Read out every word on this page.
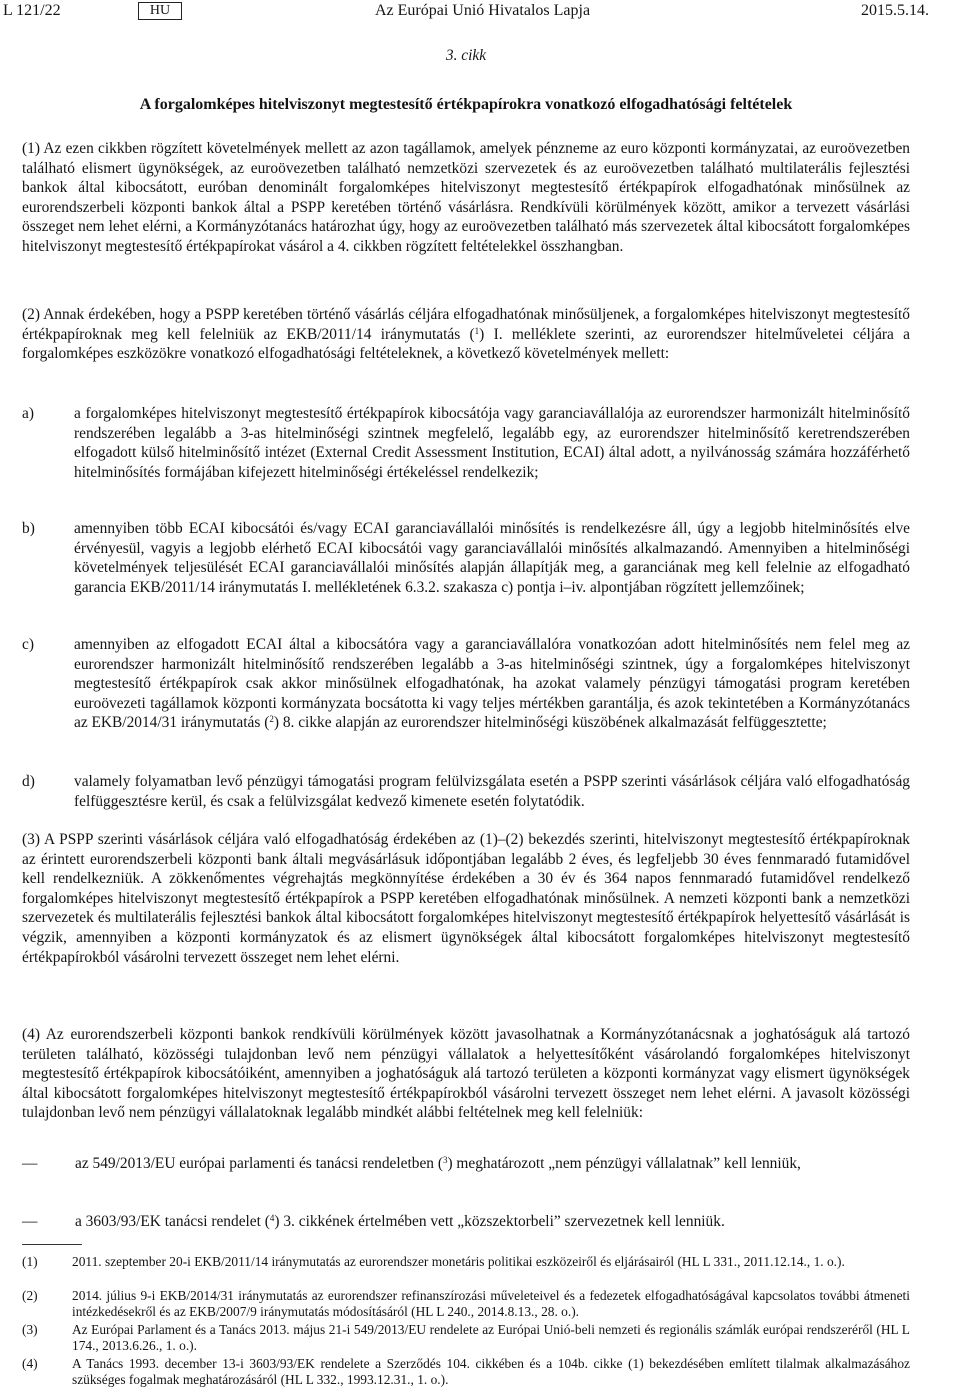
L 121/22	HU	Az Európai Unió Hivatalos Lapja	2015.5.14.
3. cikk
A forgalomképes hitelviszonyt megtestesítő értékpapírokra vonatkozó elfogadhatósági feltételek
(1) Az ezen cikkben rögzített követelmények mellett az azon tagállamok, amelyek pénzneme az euro központi kormányzatai, az euroövezetben található elismert ügynökségek, az euroövezetben található nemzetközi szervezetek és az euroövezetben található multilaterális fejlesztési bankok által kibocsátott, euróban denominált forgalomképes hitelviszonyt megtestesítő értékpapírok elfogadhatónak minősülnek az eurorendszerbeli központi bankok által a PSPP keretében történő vásárlásra. Rendkívüli körülmények között, amikor a tervezett vásárlási összeget nem lehet elérni, a Kormányzótanács határozhat úgy, hogy az euroövezetben található más szervezetek által kibocsátott forgalomképes hitelviszonyt megtestesítő értékpapírokat vásárol a 4. cikkben rögzített feltételekkel összhangban.
(2) Annak érdekében, hogy a PSPP keretében történő vásárlás céljára elfogadhatónak minősüljenek, a forgalomképes hitelviszonyt megtestesítő értékpapíroknak meg kell felelniük az EKB/2011/14 iránymutatás ($^1$) I. melléklete szerinti, az eurorendszer hitelműveletei céljára a forgalomképes eszközökre vonatkozó elfogadhatósági feltételeknek, a következő követelmények mellett:
a)	a forgalomképes hitelviszonyt megtestesítő értékpapírok kibocsátója vagy garanciavállalója az eurorendszer harmonizált hitelminősítő rendszerében legalább a 3-as hitelminőségi szintnek megfelelő, legalább egy, az eurorendszer hitelminősítő keretrendszerében elfogadott külső hitelminősítő intézet (External Credit Assessment Institution, ECAI) által adott, a nyilvánosság számára hozzáférhető hitelminősítés formájában kifejezett hitelminőségi értékeléssel rendelkezik;
b)	amennyiben több ECAI kibocsátói és/vagy ECAI garanciavállalói minősítés is rendelkezésre áll, úgy a legjobb hitelminősítés elve érvényesül, vagyis a legjobb elérhető ECAI kibocsátói vagy garanciavállalói minősítés alkalmazandó. Amennyiben a hitelminőségi követelmények teljesülését ECAI garanciavállalói minősítés alapján állapítják meg, a garanciának meg kell felelnie az elfogadható garancia EKB/2011/14 iránymutatás I. mellékletének 6.3.2. szakasza c) pontja i–iv. alpontjában rögzített jellemzőinek;
c)	amennyiben az elfogadott ECAI által a kibocsátóra vagy a garanciavállalóra vonatkozóan adott hitelminősítés nem felel meg az eurorendszer harmonizált hitelminősítő rendszerében legalább a 3-as hitelminőségi szintnek, úgy a forgalomképes hitelviszonyt megtestesítő értékpapírok csak akkor minősülnek elfogadhatónak, ha azokat valamely pénzügyi támogatási program keretében euroövezeti tagállamok központi kormányzata bocsátotta ki vagy teljes mértékben garantálja, és azok tekintetében a Kormányzótanács az EKB/2014/31 iránymutatás ($^2$) 8. cikke alapján az eurorendszer hitelminőségi küszöbének alkalmazását felfüggesztette;
d)	valamely folyamatban levő pénzügyi támogatási program felülvizsgálata esetén a PSPP szerinti vásárlások céljára való elfogadhatóság felfüggesztésre kerül, és csak a felülvizsgálat kedvező kimenete esetén folytatódik.
(3) A PSPP szerinti vásárlások céljára való elfogadhatóság érdekében az (1)–(2) bekezdés szerinti, hitelviszonyt megtestesítő értékpapíroknak az érintett eurorendszerbeli központi bank általi megvásárlásuk időpontjában legalább 2 éves, és legfeljebb 30 éves fennmaradó futamidővel kell rendelkezniük. A zökkenőmentes végrehajtás megkönnyítése érdekében a 30 év és 364 napos fennmaradó futamidővel rendelkező forgalomképes hitelviszonyt megtestesítő értékpapírok a PSPP keretében elfogadhatónak minősülnek. A nemzeti központi bank a nemzetközi szervezetek és multilaterális fejlesztési bankok által kibocsátott forgalomképes hitelviszonyt megtestesítő értékpapírok helyettesítő vásárlását is végzik, amennyiben a központi kormányzatok és az elismert ügynökségek által kibocsátott forgalomképes hitelviszonyt megtestesítő értékpapírokból vásárolni tervezett összeget nem lehet elérni.
(4) Az eurorendszerbeli központi bankok rendkívüli körülmények között javasolhatnak a Kormányzótanácsnak a joghatóságuk alá tartozó területen található, közösségi tulajdonban levő nem pénzügyi vállalatok a helyettesítőként vásárolandó forgalomképes hitelviszonyt megtestesítő értékpapírok kibocsátóiként, amennyiben a joghatóságuk alá tartozó területen a központi kormányzat vagy elismert ügynökségek által kibocsátott forgalomképes hitelviszonyt megtestesítő értékpapírokból vásárolni tervezett összeget nem lehet elérni. A javasolt közösségi tulajdonban levő nem pénzügyi vállalatoknak legalább mindkét alábbi feltételnek meg kell felelniük:
— az 549/2013/EU európai parlamenti és tanácsi rendeletben ($^3$) meghatározott „nem pénzügyi vállalatnak” kell lenniük,
— a 3603/93/EK tanácsi rendelet ($^4$) 3. cikkének értelmében vett „közszektorbeli” szervezetnek kell lenniük.
(1)	2011. szeptember 20-i EKB/2011/14 iránymutatás az eurorendszer monetáris politikai eszközeiről és eljárásairól (HL L 331., 2011.12.14., 1. o.).
(2)	2014. július 9-i EKB/2014/31 iránymutatás az eurorendszer refinanszírozási műveleteivel és a fedezetek elfogadhatóságával kapcsolatos további átmeneti intézkedésekről és az EKB/2007/9 iránymutatás módosításáról (HL L 240., 2014.8.13., 28. o.).
(3)	Az Európai Parlament és a Tanács 2013. május 21-i 549/2013/EU rendelete az Európai Unió-beli nemzeti és regionális számlák európai rendszeréről (HL L 174., 2013.6.26., 1. o.).
(4)	A Tanács 1993. december 13-i 3603/93/EK rendelete a Szerződés 104. cikkében és a 104b. cikke (1) bekezdésében említett tilalmak alkalmazásához szükséges fogalmak meghatározásáról (HL L 332., 1993.12.31., 1. o.).
